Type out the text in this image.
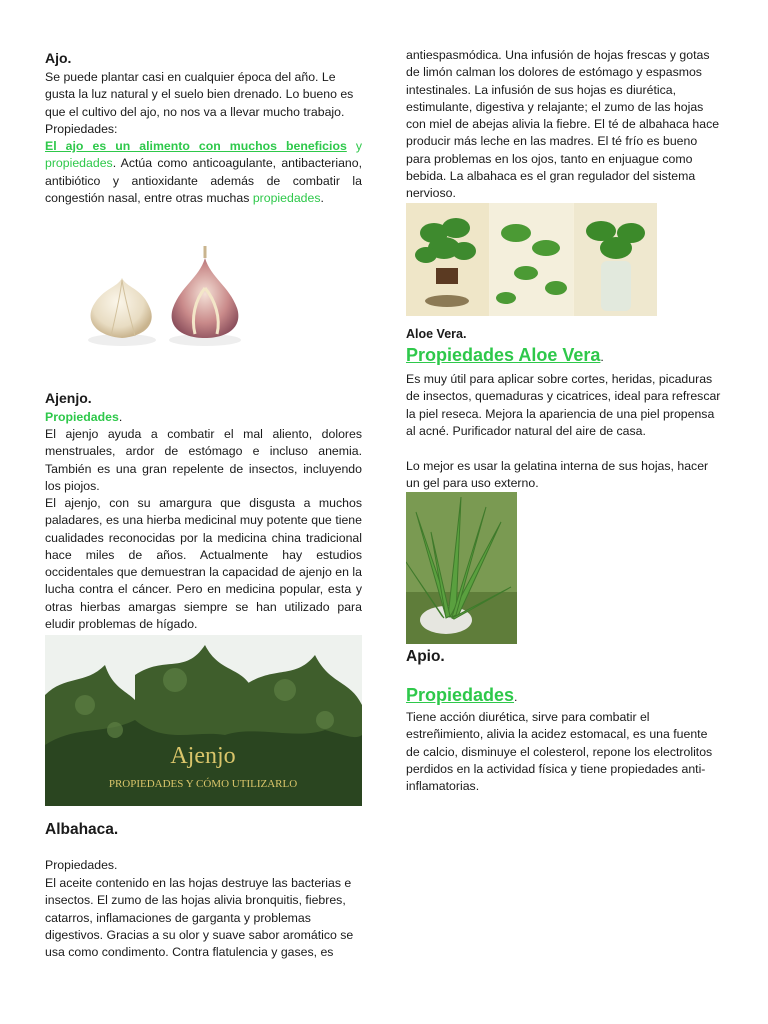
Ajo.

Se puede plantar casi en cualquier época del año. Le gusta la luz natural y el suelo bien drenado. Lo bueno es que el cultivo del ajo, no nos va a llevar mucho trabajo.

Propiedades:

El ajo es un alimento con muchos beneficios y propiedades. Actúa como anticoagulante, antibacteriano, antibiótico y antioxidante además de combatir la congestión nasal, entre otras muchas propiedades.

Ajenjo.
Propiedades.

El ajenjo ayuda a combatir el mal aliento, dolores menstruales, ardor de estómago e incluso anemia. También es una gran repelente de insectos, incluyendo los piojos.

El ajenjo, con su amargura que disgusta a muchos paladares, es una hierba medicinal muy potente que tiene cualidades reconocidas por la medicina china tradicional hace miles de años. Actualmente hay estudios occidentales que demuestran la capacidad de ajenjo en la lucha contra el cáncer. Pero en medicina popular, esta y otras hierbas amargas siempre se han utilizado para eludir problemas de hígado.

Ajenjo
PROPIEDADES Y CÓMO UTILIZARLO
Albahaca.
Propiedades.

El aceite contenido en las hojas destruye las bacterias e insectos. El zumo de las hojas alivia bronquitis, fiebres, catarros, inflamaciones de garganta y problemas digestivos. Gracias a su olor y suave sabor aromático se usa como condimento. Contra flatulencia y gases, es

antiespasmódica. Una infusión de hojas frescas y gotas de limón calman los dolores de estómago y espasmos intestinales. La infusión de sus hojas es diurética, estimulante, digestiva y relajante; el zumo de las hojas con miel de abejas alivia la fiebre. El té de albahaca hace producir más leche en las madres. El té frío es bueno para problemas en los ojos, tanto en enjuague como bebida. La albahaca es el gran regulador del sistema nervioso.

Aloe Vera.
Propiedades Aloe Vera.

Es muy útil para aplicar sobre cortes, heridas, picaduras de insectos, quemaduras y cicatrices, ideal para refrescar la piel reseca. Mejora la apariencia de una piel propensa al acné. Purificador natural del aire de casa.

Lo mejor es usar la gelatina interna de sus hojas, hacer un gel para uso externo.

Apio.
Propiedades.

Tiene acción diurética, sirve para combatir el estreñimiento, alivia la acidez estomacal, es una fuente de calcio, disminuye el colesterol, repone los electrolitos perdidos en la actividad física y tiene propiedades anti-inflamatorias.
